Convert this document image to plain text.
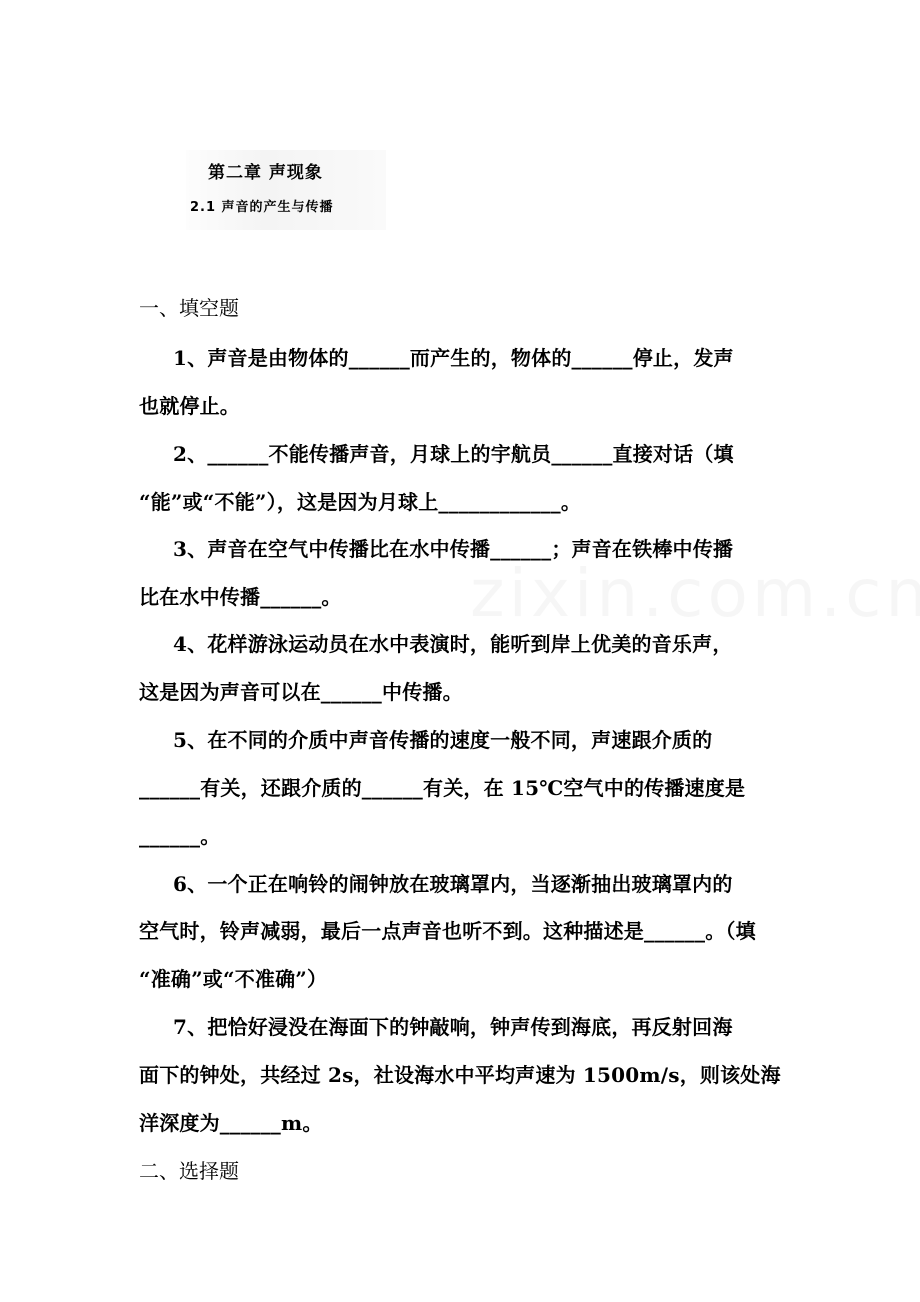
第二章 声现象
2.1 声音的产生与传播
一、填空题
1、声音是由物体的______而产生的，物体的______停止，发声
也就停止。
2、______不能传播声音，月球上的宇航员______直接对话（填
“能”或“不能”），这是因为月球上____________。
3、声音在空气中传播比在水中传播______；声音在铁棒中传播
比在水中传播______。
4、花样游泳运动员在水中表演时，能听到岸上优美的音乐声，
这是因为声音可以在______中传播。
5、在不同的介质中声音传播的速度一般不同，声速跟介质的
______有关，还跟介质的______有关，在 15℃空气中的传播速度是
______。
6、一个正在响铃的闹钟放在玻璃罩内，当逐渐抽出玻璃罩内的
空气时，铃声减弱，最后一点声音也听不到。这种描述是______。（填
“准确”或“不准确”）
7、把恰好浸没在海面下的钟敲响，钟声传到海底，再反射回海
面下的钟处，共经过 2s，社设海水中平均声速为 1500m/s，则该处海
洋深度为______m。
二、选择题
